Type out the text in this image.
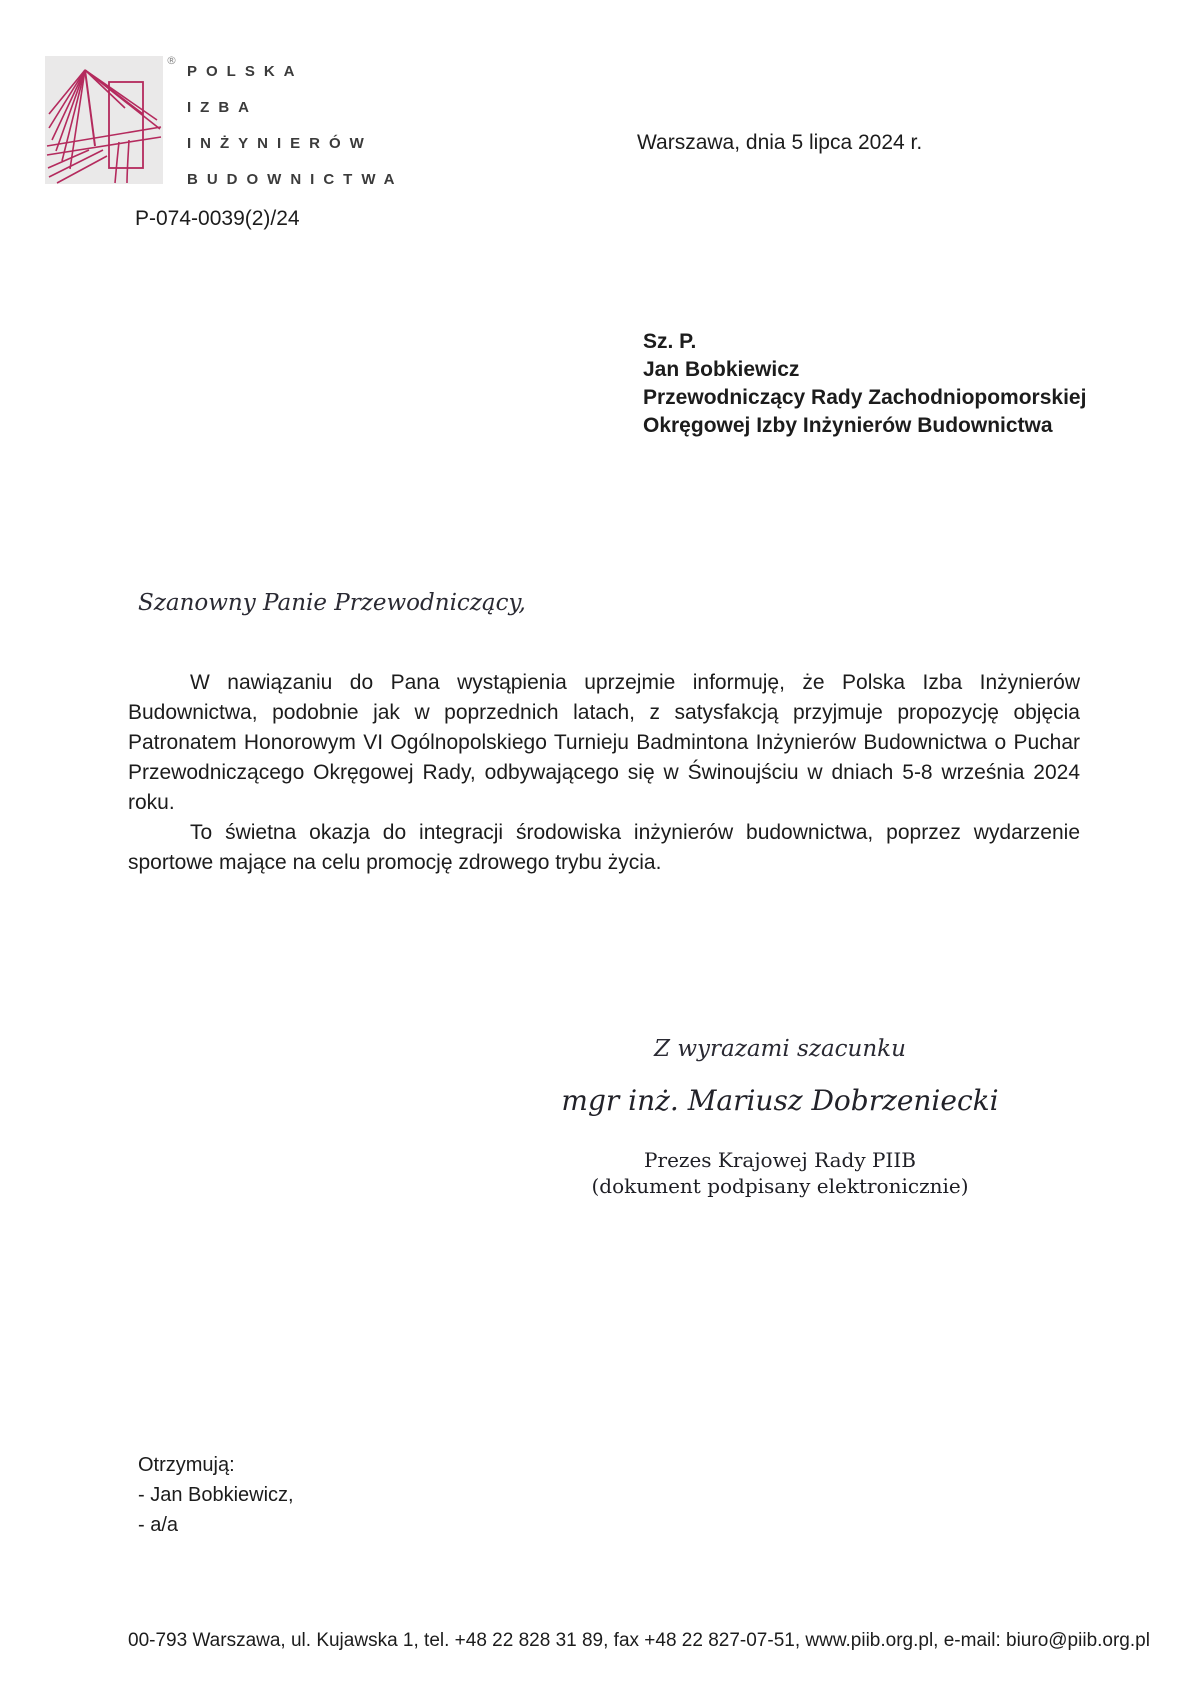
®
POLSKA
IZBA
INŻYNIERÓW
BUDOWNICTWA
Warszawa, dnia 5 lipca 2024 r.
P-074-0039(2)/24
Sz. P.
Jan Bobkiewicz
Przewodniczący Rady Zachodniopomorskiej
Okręgowej Izby Inżynierów Budownictwa
Szanowny Panie Przewodniczący,

W nawiązaniu do Pana wystąpienia uprzejmie informuję, że Polska Izba Inżynierów Budownictwa, podobnie jak w poprzednich latach, z satysfakcją przyjmuje propozycję objęcia Patronatem Honorowym VI Ogólnopolskiego Turnieju Badmintona Inżynierów Budownictwa o Puchar Przewodniczącego Okręgowej Rady, odbywającego się w Świnoujściu w dniach 5-8 września 2024 roku.

To świetna okazja do integracji środowiska inżynierów budownictwa, poprzez wydarzenie sportowe mające na celu promocję zdrowego trybu życia.

Z wyrazami szacunku
mgr inż. Mariusz Dobrzeniecki
Prezes Krajowej Rady PIIB
(dokument podpisany elektronicznie)
Otrzymują:
- Jan Bobkiewicz,
- a/a
00-793 Warszawa, ul. Kujawska 1, tel. +48 22 828 31 89, fax +48 22 827-07-51, www.piib.org.pl, e-mail: biuro@piib.org.pl
